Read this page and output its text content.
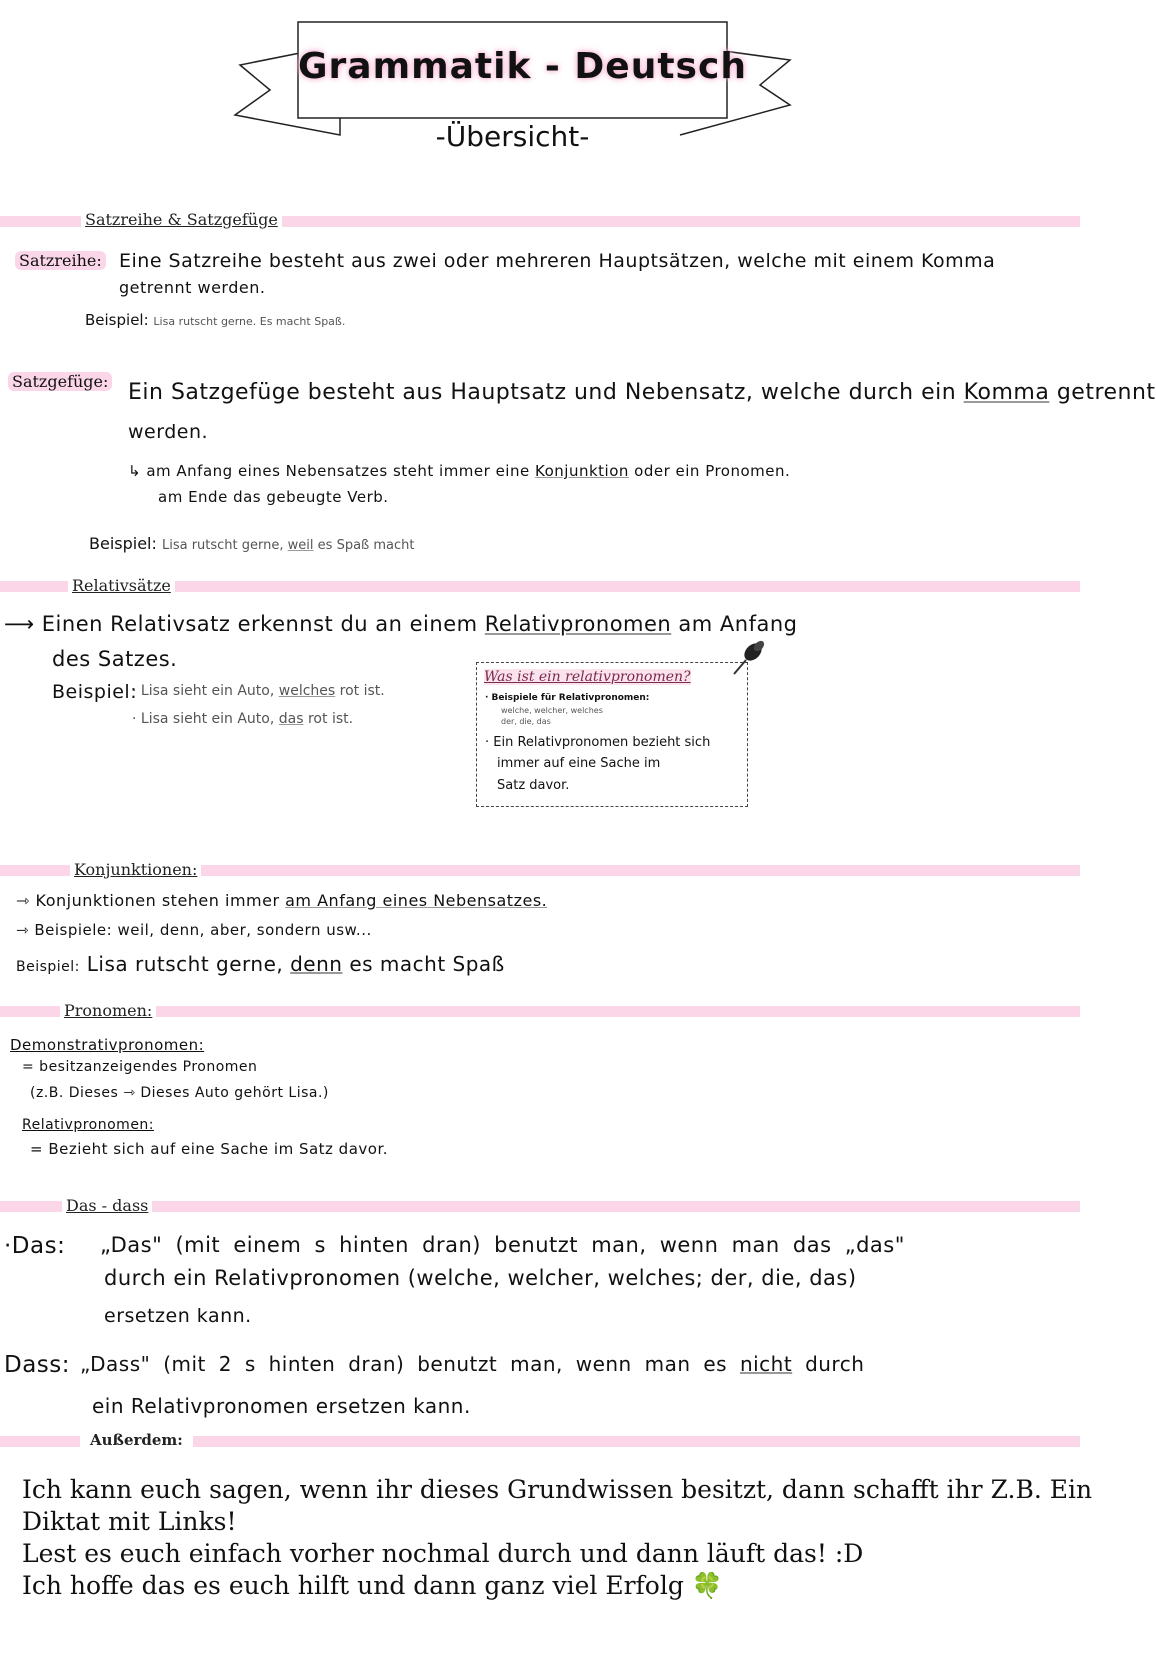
Grammatik - Deutsch
-Übersicht-
Satzreihe & Satzgefüge
Satzreihe: Eine Satzreihe besteht aus zwei oder mehreren Hauptsätzen, welche mit einem Komma
getrennt werden.
Beispiel: Lisa rutscht gerne. Es macht Spaß.
Satzgefüge: Ein Satzgefüge besteht aus Hauptsatz und Nebensatz, welche durch ein Komma getrennt
werden.
↳ am Anfang eines Nebensatzes steht immer eine Konjunktion oder ein Pronomen.
am Ende das gebeugte Verb.
Beispiel: Lisa rutscht gerne, weil es Spaß macht
Relativsätze
⟶ Einen Relativsatz erkennst du an einem Relativpronomen am Anfang
des Satzes.
Beispiel:
· Lisa sieht ein Auto, welches rot ist.
· Lisa sieht ein Auto, das rot ist.
Was ist ein relativpronomen?
· Beispiele für Relativpronomen:
welche, welcher, welches
der, die, das
· Ein Relativpronomen bezieht sich
immer auf eine Sache im
Satz davor.
Konjunktionen:
⇾ Konjunktionen stehen immer am Anfang eines Nebensatzes.
⇾ Beispiele: weil, denn, aber, sondern usw...
Beispiel: Lisa rutscht gerne, denn es macht Spaß
Pronomen:
Demonstrativpronomen:
= besitzanzeigendes Pronomen
(z.B. Dieses ⇾ Dieses Auto gehört Lisa.)
Relativpronomen:
= Bezieht sich auf eine Sache im Satz davor.
Das - dass
·Das: „Das" (mit einem s hinten dran) benutzt man, wenn man das „das"
durch ein Relativpronomen (welche, welcher, welches; der, die, das)
ersetzen kann.
Dass: „Dass" (mit 2 s hinten dran) benutzt man, wenn man es nicht durch
ein Relativpronomen ersetzen kann.
Außerdem:
Ich kann euch sagen, wenn ihr dieses Grundwissen besitzt, dann schafft ihr Z.B. Ein
Diktat mit Links!
Lest es euch einfach vorher nochmal durch und dann läuft das! :D
Ich hoffe das es euch hilft und dann ganz viel Erfolg 🍀
